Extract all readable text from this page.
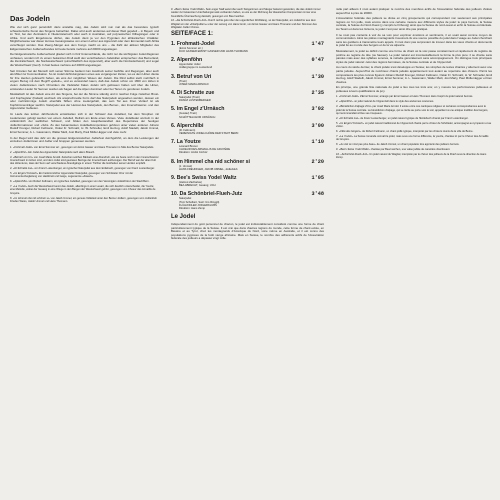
Das Jodeln

Wie viel sich ganz persönlich dazu anstellte mag, das Jodeln wird nun mal als das besondere typisch schweizerische Kunst des Singens betrachtet. Dabei wird auch anderswo auf dieser Welt gejodelt – in Bayern und im Tirol, bei den Zentralern in Niederösterreich oder auch in Australien, auf polynesischen Kilbegängen oder in Afrika. Und auch Eingeborene dürfen, das Jodeln dient ja vor den Pygmäen der afrikanischen Urwälder. Möglicherweise war dieser kuriose Gesangsweise von einem Lehrer aus Appenzell oder dem Emmental nach Afrika verschleppt worden. Das Zwerg-Sänger aus dem Kongo macht es uns – die Zahl der aktiven Mitglieder des Eidgenössischen Jodlerverbandes ist heute bereits mehrere auf 20000 angestiegen.

Der Eidgenössische Jodlerverband gliedert sich in fünf Unterverbände, die nicht nur die wichtigsten Jodel-Regionen umfassen, sondern ich zu einem bekannten Drall weiß den verschiedenen Jodelstilen entsprechen: das Bernerland, die Zentralschweiz, die Nordwestschweiz (einschließlich des Appenzell), aber auch die Nordostschweiz) und sogar die Westschweiz (Genf). In fast bestes mehrere auf 20000 angestiegen.

Seit Urzeiten hat der Mensch sich seiner Stimme bedient zum Ausdruck seiner Gefühle und Regungen, aber auch als Mittel zur Kommunikation. So ist Jodeln Erfindungsraum eines aus vergangener Zeiten, wo es dem Hirten diente für ihre Herden gebraucht haben, als eins der möglichen Wesen der Jodeln. Die Rind selbst steht mehrfach in engem Bezug mit dem Begriff »jodeln«, und es verwundert kaum, daß das Jodeln schon um 1800 von Hirten in vielen Jodlerkreisen nach Chroniken die Vielstiefel Kalan Jodeln sich gebrauen haben soll über die Hirten, entstanden Lieder für Sennen wurden als Sagen auf die Alpen dominiert oder bei Tieren zu gerufenen Jodeln.

Musikalisch ist das Jodeln eine Art des Singens, bei der die Stimme ständig und in raschen Folge zwischen Brust- und Kopfregister (Falsett) wechselt. Als anspruchsvolle Form darf das Naturjodeln angesehen werden, dessen ein oder mehrstimmige Jodeln ebenfalls Silben ohne Liedergehalt, das sein Tal aus ihren Verlauf ist als Kopfstimmenträger weithin. Naturjodel aus der Heimat des Naturjodels, den Berner-, den Innerschweizer- und den Appenzeller Gebieten.

Im Laufe des letzten Jahrhunderts entwickelten sich in der Schweiz das Jodellied, bei dem Strophen mit Liedertexten gefolgt werden von einem Jodelteil, Refrain am Ende eines Verses. Viele Jodellieder wurzeln in der volkstümlich der weltlichen Schweiz, und bilden den Hauptbestandteil des Repertoires der heutigen Jodlerformationen und -clubs. Zu den bekanntesten Jodelliedkomponisten gehören unter vielen anderen Johann Rudolf Krenger, Robert Fellmann, Oskar Fr. Schmalz, H. W. Schneller, Emil Herzog, Adolf Stadelli, Jakob Ummel, Ernst Sommer, A. L. Gassmann, Walter Meili, Jost Marty, Paul Müller-Egger und viele mehr.

In der Regel wird das Jahr um die grossen Eidgenössischen Jodlerfest durchgeführt, an dem die Leistungen der einzelnen Jodlerinnen und Jodler und Gruppen gemessen werden.

1. «Frohmatt Jodel» von Ernst Sommer arr., gesungen von Ernst Gasser und Hans Thomann im Stile des Berner Naturjodels.

2. «Alpenföhn» Ein Jodel des Appenzeller Naturjodels nach altem Brauch.

3. «Betrüef von Uri» von Josef Marie Arnold. Zwischen solchen Bänkeln eine Abendruh, wie sie heute noch in den Innerschweizer Innerschweiz im Hirten sind, und dem Jodel sind gewissen Bezüge der Innerschweiz aufzuzeigen. Der Betruf war der alten Kult des Hirtentums, dass der Senn auf verschiedene Abendgänge in einem Trichter die Gottheiten seiner Herden empfahl.

4. «Di Schratte zue» von Franz Lustenberger, ein typischer Naturjodel aus dem Entlebuch, gesungen von Franz Lustenberger.

5. «Im Engel z'Urnäsch» Ein herkömmlicher Appenzeller Naturjodel, gesungen vom Schötteler Chor mit der Instrumentenbegleitung von Hackbrett und Geige, sogenannte »Zäuerli«.

6. «Aplerchilbi» von Robert Fellmann, ein typisches Jodellied, gesungen von den Vereinigten Jodelchören der Stadt Bern.

7. «La Youtze» Auch die Westschweiz kennt das Jodeln, allerdings in einer Lesart, die sich deutlich unterscheidet, die Youtze; eine Melodie, wobei der Gesang in eine Wiege in den Bergen der Westschweiz gehört, gesungen vom Choeur des Armaillis de Gruyère.

8. «Im Himmel obe nid schöner si» von Jakob Ummel, ein genuss Volkslied unter den Berner Jodlern, gesungen vom Jodlerklub Frieden Weiss, Jakob Ummel und Hans Thomann.

9. «Bee's Swiss Yodel Waltz» Sein enger Stall weist über auch Sängerinnen und Sänger bekannt geworden, die das Jodeln immer wieder zur bekannten Unterhaltungsmusik verbanden haben, so wie es der Richtung der klassischen Komponisten immer eine freundliche Überraschung darstellt, gesungen von Bea Ineichen.

10. «Da Schönbriel-Flueh-Jutz» Durch rechte gelo über den eigentlichen Wohlklang, so der Naturjodel, am Jodelchor aus dem Wägital von der »Flüehjodlern« unter der Leitung von Hans Gmür, von Ernst Gasser und Hans Thomann und den Stimmen des Wägitaler Jodler Chores.

SEITE/FACE 1:
1. Frohmatt-Jodel	1'47
(Ernst Sommer arr.)
DUO GASSER ERNST GASSER UND HANS THOMANN
2. Alpenföhn	0'47
Appenzeller Jodel
Jodlergruppe im Lustenlund
3. Betruf von Uri	1'30
(Trad.)
JOSEF MARIA ARNOLD
4. Di Schratte zue	2'35
Naturjodel (Trad.)
FRANZ LUSTENBERGER
5. Im Engel z'Urnäsch	3'02
(Gustav) Trad.)
SCHÖTTELCHOR URNÄSCH
6. Alperchilbi	3'00
(R. Fellmann)
VEREINIGTE JODELCHÖRE DER STADT BERN
7. La Youtze	1'10
Léonard Brunet
CHOEUR DES ARMAILLIS DE GRUYÈRE
Direktion: André Corboz
8. Im Himmel cha nid schöner si	2'20
(J. Ummel)
HANS FREUDIGER, JAKOB UMMEL, Jodlerklub
9. Bee's Swiss Yodel Waltz	1'05
(Helmut Zacharias)
BEA ABRECHT, Gesang; UCH
10. Da Schönbriel-Flueh-Jutz	3'48
Naturjodel
(Toni Schelbert, Satz: Urs Ringgli)
FLÜHJODLER JODLERKLUBS
Direktion: Hans Zemp
Le Jodel

Indépendamment du goût personnel de chacun, le jodel est indiscutablement considéré comme une forme de chant particulièrement typique de la Suisse. Il est vrai que dans d'autres régions du monde, cette forme de chant existe, en Bavière et au Tyrol, chez les montagnards d'Amérique du Nord, voire même en Australie, et il est connu des populations pygmées de la forêt vierge africaine. Mais en Suisse, le nombre des adhérents actifs de l'Association fédérale des jodleurs a dépassé vingt mille.

nulle part ailleurs il n'est autant pratiqué: le nombre des membres actifs de l'Association fédérale des jodleurs d'élève aujourd'hui à près de 20000.

L'Association fédérale des jodleurs se divise en cinq groupements qui correspondent non seulement aux principales régions où l'on jodle, mais encore dans une certaine mesure aux différents styles de jodel: le pays bernois, la Suisse centrale, la Suisse du Nord-Ouest (y compris le Fribourg) ainsi que la Suisse du nord-ouest et enfin la Suisse occidentale. Au Tessin et dans les Grisons, le jodel n'est pour ainsi dire pas pratiqué.

Il ne s'est pas contenté à voir de sa voix pour exprimer émotions et sentiments, il en usait aussi comme moyen de communication. Ainsi les pâtres montagnards trouvèrent-ils une source possible du jodel dans l'usage au Jodel cherchant sans les gardiens à transmettre leurs appels. Il n'est donc pas surprenant de trouver dans les vieux chants et documents le jodel lié au monde des bergers et de la vie alpestre.

Musicalement, le jodel se définit comme une forme de chant où la voix passe constamment et rapidement du registre de poitrine au registre de tête (ou fausset). Le jodel naturel est incontestablement la forme la plus pure: il se chante sans paroles mais avec des syllabes sonores, la mélodie généralement sans accompagnement. On distingue trois principaux styles de jodel naturel: celui des régions bernoises, de la Suisse centrale et de l'Appenzell.

Au cours du siècle dernier, le chant jodelé s'est développé en Suisse; les strophes de textes chantés y alternent avec une partie jodelée. Aujourd'hui de nombreux chants jodelés appartiennent tout autant au répertoire des chœurs. Parmi les compositeurs les plus connus figurent Johann Rudolf Krenger, Robert Fellmann, Oskar Fr. Schmalz, H. W. Schneller, Emil Herzog, Adolf Stadelli, Jakob Ummel, Ernst Sommer, A. L. Gassmann, Walter Meili, Jost Marty, Paul Müller-Egger et bien d'autres.

En principe, une grande fête nationale du jodel a lieu tous les trois ans; on y mesure les performances jodleuses et jodleuses à leurs qualifications de jury.

1. «Frohmatt Jodel» d'Ernst Sommer, arrangé par Ernst Gasser et Hans Thomann dans l'esprit du jodel naturel bernois.

2. «Alpenföhn» un jodel naturel de l'Appenzell dans le style des anciennes coutumes.

3. «Bénédiction d'alpage d'Uri» par Josef Marie Arnold. Il existe entre ces cantiques religieux et certaines correspondances avec le jodel de la Suisse centrale. La bénédiction d'alpage, qui se récite au porte-voix le soir, appartient à une antique tradition des bergers, qui recommandait à Dieu ses troupeaux.

4. «Di Schratte zue» de Franz Lustenberger, un jodel naturel typique de l'Entlebuch chanté par Franz Lustenberger.

5. «Im Engel z'Urnäsch» un jodel naturel traditionnel de l'Appenzell chanté par le chœur de Schötteler, accompagné au tympanon et au violon.

6. «Fête des bergers» de Robert Fellmann, un chant jodlé typique, interprété par les chœurs réunis de la ville de Berne.

7. «La Youtze» La Suisse romande connaît le jodel, mais sous une forme différente, la youtze, chantée ici par le Chœur des Armaillis de Gruyère.

8. «Au ciel ce n'est pas plus beau» de Jakob Ummel, un chant populaire très apprécié des jodleurs bernois.

9. «Bee's Swiss Yodel Waltz» chantée par Bea Ineichen, une valse jodlée de caractère divertissant.

10. «Schönbriel-Flueh-Jutz» Un jodel naturel du Wägital, interprété par le chœur des jodleurs de la Flüeh sous la direction de Hans Zemp.
